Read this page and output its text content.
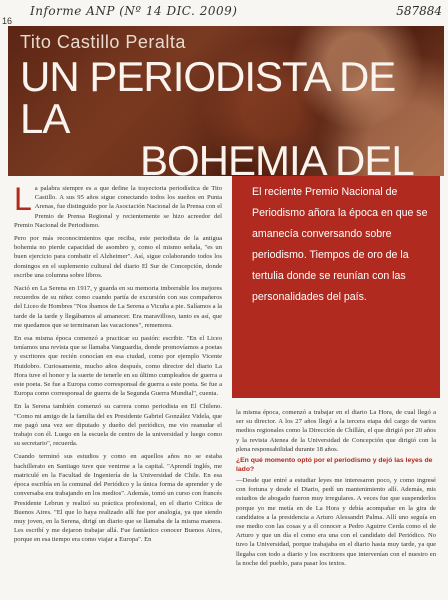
Informe ANP (Nº 14 DIC. 2009)	587884
16
Tito Castillo Peralta
UN PERIODISTA DE LA
BOHEMIA DEL

La palabra siempre es a que define la trayectoria periodística de Tito Castillo. A sus 95 años sigue conectando todos los sueños en Punta Arenas, fue distinguido por la Asociación Nacional de la Prensa con el Premio de Prensa Regional y recientemente se hizo acreedor del Premio Nacional de Periodismo.

Pero por más reconocimientos que reciba, este periodista de la antigua bohemia no pierde capacidad de asombro y, como el mismo señala, "es un buen ejercicio para combatir el Alzheimer". Así, sigue colaborando todos los domingos en el suplemento cultural del diario El Sur de Concepción, donde escribe una columna sobre libros.

Nació en La Serena en 1917, y guarda en su memoria imborrable los mejores recuerdos de su niñez como cuando partía de excursión con sus compañeros del Liceo de Hombres "Nos íbamos de La Serena a Vicuña a pie. Salíamos a la tarde de la tarde y llegábamos al amanecer. Era maravilloso, tanto es así, que me quedamos que se terminaran las vacaciones", rememora.

En esa misma época comenzó a practicar su pasión: escribir. "En el Liceo teníamos una revista que se llamaba Vanguardia, donde promovíamos a poetas y escritores que recién conocían en esa ciudad, como por ejemplo Vicente Huidobro. Curiosamente, mucho años después, como director del diario La Hora tuve el honor y la suerte de tenerle en su último cumpleaños de guerra a este poeta. Se fue a Europa como corresponsal de guerra a este poeta. Se fue a Europa como corresponsal de guerra de la Segunda Guerra Mundial", cuenta.

En la Serena también comenzó su carrera como periodista en El Chileno. "Como mi amigo de la familia del ex Presidente Gabriel González Videla, que me pagó una vez ser diputado y dueño del periódico, me vio reanudar el trabajo con él. Luego en la escuela de centro de la universidad y luego como su secretario", recuerda.

Cuando terminó sus estudios y como en aquellos años no se estaba bachillerato en Santiago tuve que venirme a la capital. "Aprendí inglés, me matriculé en la Facultad de Ingeniería de la Universidad de Chile. En esa época escribía en la comunal del Periódico y la única forma de aprender y de conversaba era trabajando en los medios". Además, tomó un curso con francés Presidente Lebrun y realizó su práctica profesional, en el diario Crítica de Buenos Aires. "El que lo haya realizado allí fue por analogía, ya que siendo muy joven, en la Serena, dirigí un diario que se llamaba de la misma manera. Les escribí y me dejaron trabajar allá. Fue fantástico conocer Buenos Aires, porque en esa tiempo era como viajar a Europa". En

El reciente Premio Nacional de Periodismo añora la época en que se amanecía conversando sobre periodismo. Tiempos de oro de la tertulia donde se reunían con las personalidades del país.

la misma época, comenzó a trabajar en el diario La Hora, de cual llegó a ser su director. A los 27 años llegó a la tercera etapa del cargo de varios medios regionales como la Dirección de Chillán, el que dirigió por 20 años y la revista Atenea de la Universidad de Concepción que dirigió con la plena responsabilidad durante 18 años.

¿En qué momento optó por el periodismo y dejó las leyes de lado?

—Desde que entré a estudiar leyes me interesaron poco, y como ingresé con fortuna y desde el Diario, pedí un mantenimiento allí. Además, mis estudios de abogado fueron muy irregulares. A veces fue que suspenderlos porque yo me metía en de La Hora y debía acompañar en la gira de candidatos a la presidencia a Arturo Alessandri Palma. Allí uno seguía en ese medio con las cosas y a él conocer a Pedro Aguirre Cerda como el de Arturo y que un día el como era una con el candidato del Periódico. No tuvo la Universidad, porque trabajaba en el diario hasta muy tarde, ya que llegaba con todo a diario y los escritores que intervenían con el nuestro en la noche del pueblo, para pasar los textos.
